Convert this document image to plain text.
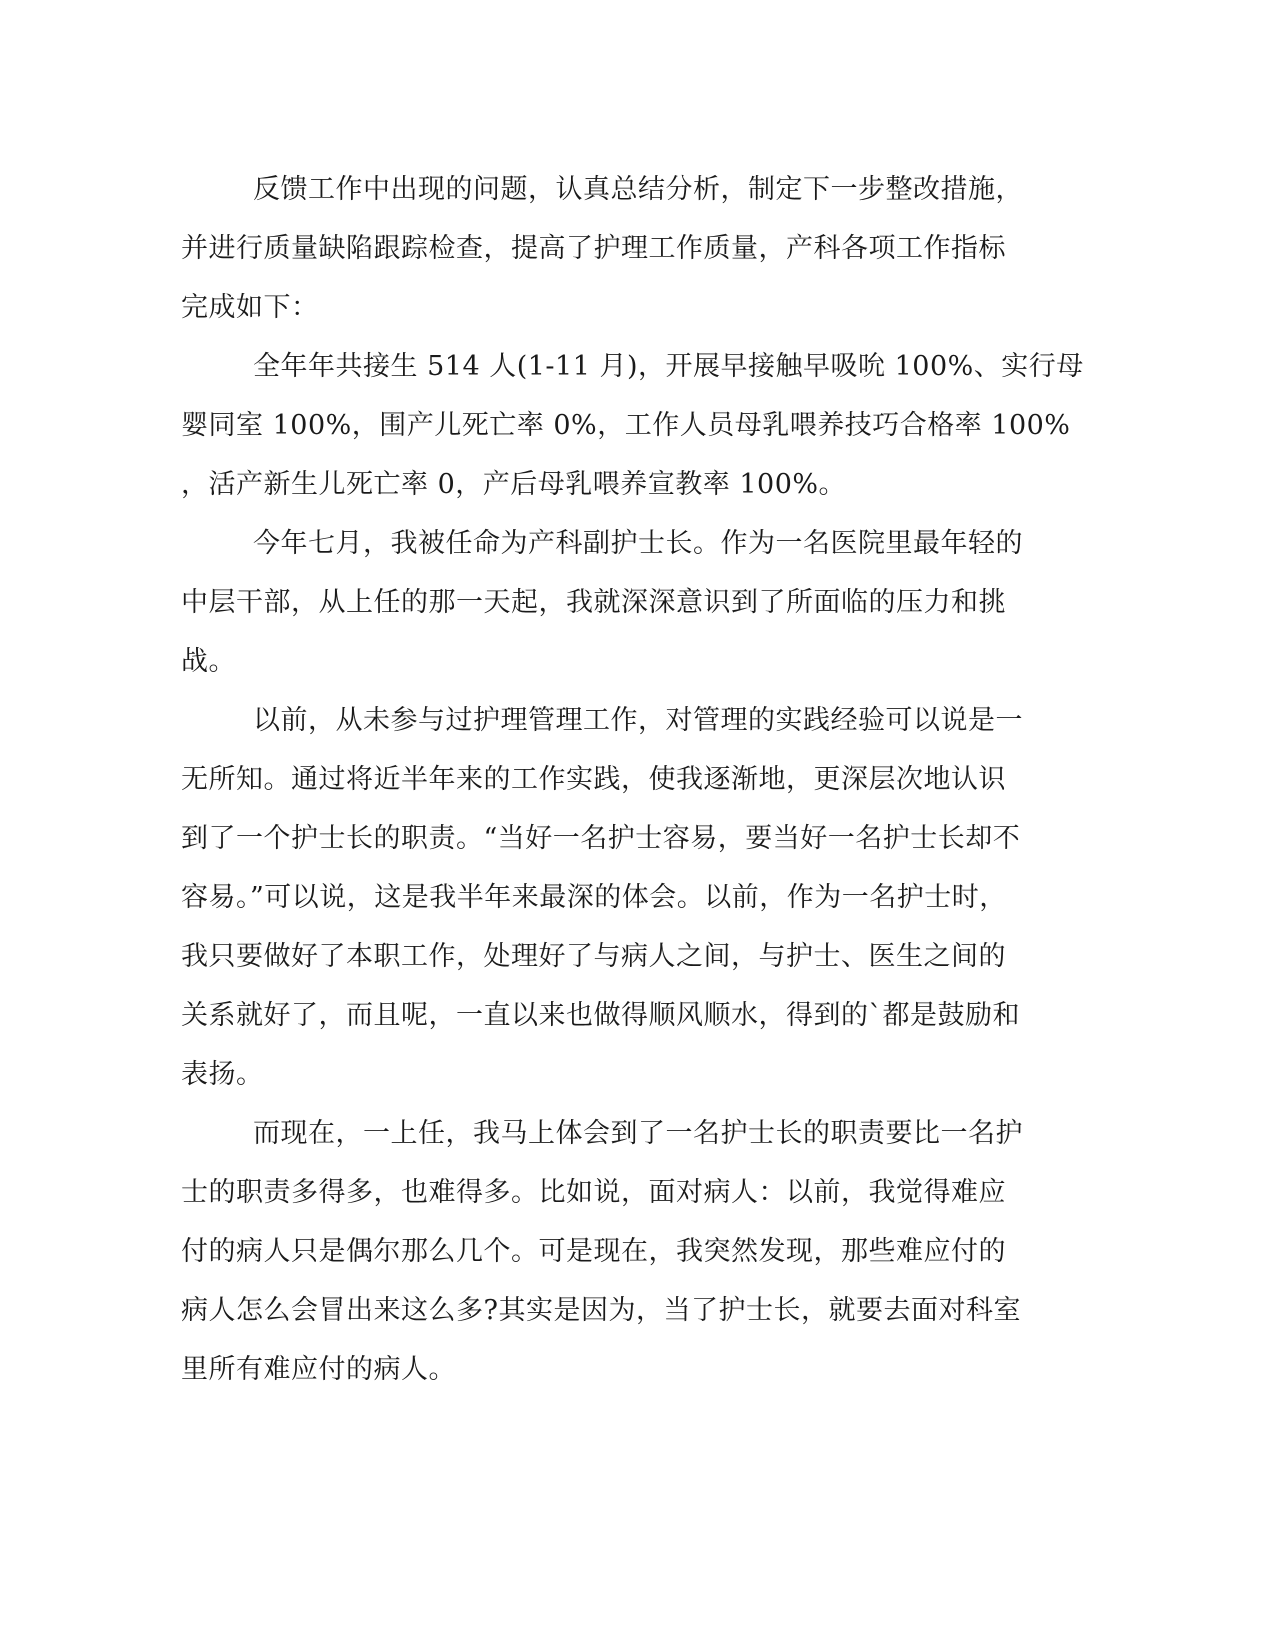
反馈工作中出现的问题，认真总结分析，制定下一步整改措施，
并进行质量缺陷跟踪检查，提高了护理工作质量，产科各项工作指标
完成如下：
全年年共接生 514 人(1-11 月)，开展早接触早吸吮 100%、实行母
婴同室 100%，围产儿死亡率 0%，工作人员母乳喂养技巧合格率 100%
，活产新生儿死亡率 0，产后母乳喂养宣教率 100%。
今年七月，我被任命为产科副护士长。作为一名医院里最年轻的
中层干部，从上任的那一天起，我就深深意识到了所面临的压力和挑
战。
以前，从未参与过护理管理工作，对管理的实践经验可以说是一
无所知。通过将近半年来的工作实践，使我逐渐地，更深层次地认识
到了一个护士长的职责。“当好一名护士容易，要当好一名护士长却不
容易。”可以说，这是我半年来最深的体会。以前，作为一名护士时，
我只要做好了本职工作，处理好了与病人之间，与护士、医生之间的
关系就好了，而且呢，一直以来也做得顺风顺水，得到的`都是鼓励和
表扬。
而现在，一上任，我马上体会到了一名护士长的职责要比一名护
士的职责多得多，也难得多。比如说，面对病人：以前，我觉得难应
付的病人只是偶尔那么几个。可是现在，我突然发现，那些难应付的
病人怎么会冒出来这么多?其实是因为，当了护士长，就要去面对科室
里所有难应付的病人。
